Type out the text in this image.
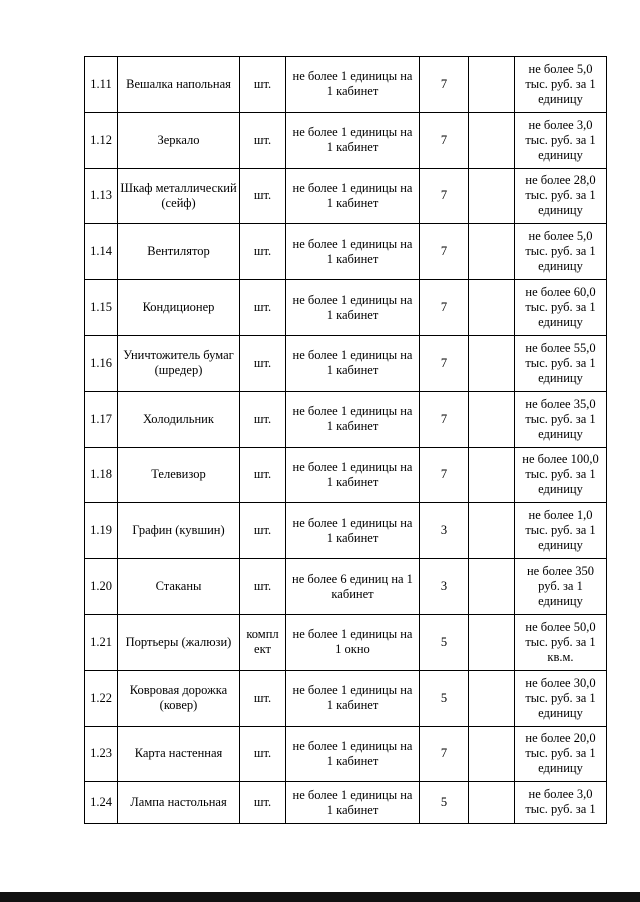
1.11	Вешалка напольная	шт.	не более 1 единицы на 1 кабинет	7		не более 5,0 тыс. руб. за 1 единицу
1.12	Зеркало	шт.	не более 1 единицы на 1 кабинет	7		не более 3,0 тыс. руб. за 1 единицу
1.13	Шкаф металлический (сейф)	шт.	не более 1 единицы на 1 кабинет	7		не более 28,0 тыс. руб. за 1 единицу
1.14	Вентилятор	шт.	не более 1 единицы на 1 кабинет	7		не более 5,0 тыс. руб. за 1 единицу
1.15	Кондиционер	шт.	не более 1 единицы на 1 кабинет	7		не более 60,0 тыс. руб. за 1 единицу
1.16	Уничтожитель бумаг (шредер)	шт.	не более 1 единицы на 1 кабинет	7		не более 55,0 тыс. руб. за 1 единицу
1.17	Холодильник	шт.	не более 1 единицы на 1 кабинет	7		не более 35,0 тыс. руб. за 1 единицу
1.18	Телевизор	шт.	не более 1 единицы на 1 кабинет	7		не более 100,0 тыс. руб. за 1 единицу
1.19	Графин (кувшин)	шт.	не более 1 единицы на 1 кабинет	3		не более 1,0 тыс. руб. за 1 единицу
1.20	Стаканы	шт.	не более 6 единиц на 1 кабинет	3		не более 350 руб. за 1 единицу
1.21	Портьеры (жалюзи)	компл ект	не более 1 единицы на 1 окно	5		не более 50,0 тыс. руб. за 1 кв.м.
1.22	Ковровая дорожка (ковер)	шт.	не более 1 единицы на 1 кабинет	5		не более 30,0 тыс. руб. за 1 единицу
1.23	Карта настенная	шт.	не более 1 единицы на 1 кабинет	7		не более 20,0 тыс. руб. за 1 единицу
1.24	Лампа настольная	шт.	не более 1 единицы на 1 кабинет	5		не более 3,0 тыс. руб. за 1
